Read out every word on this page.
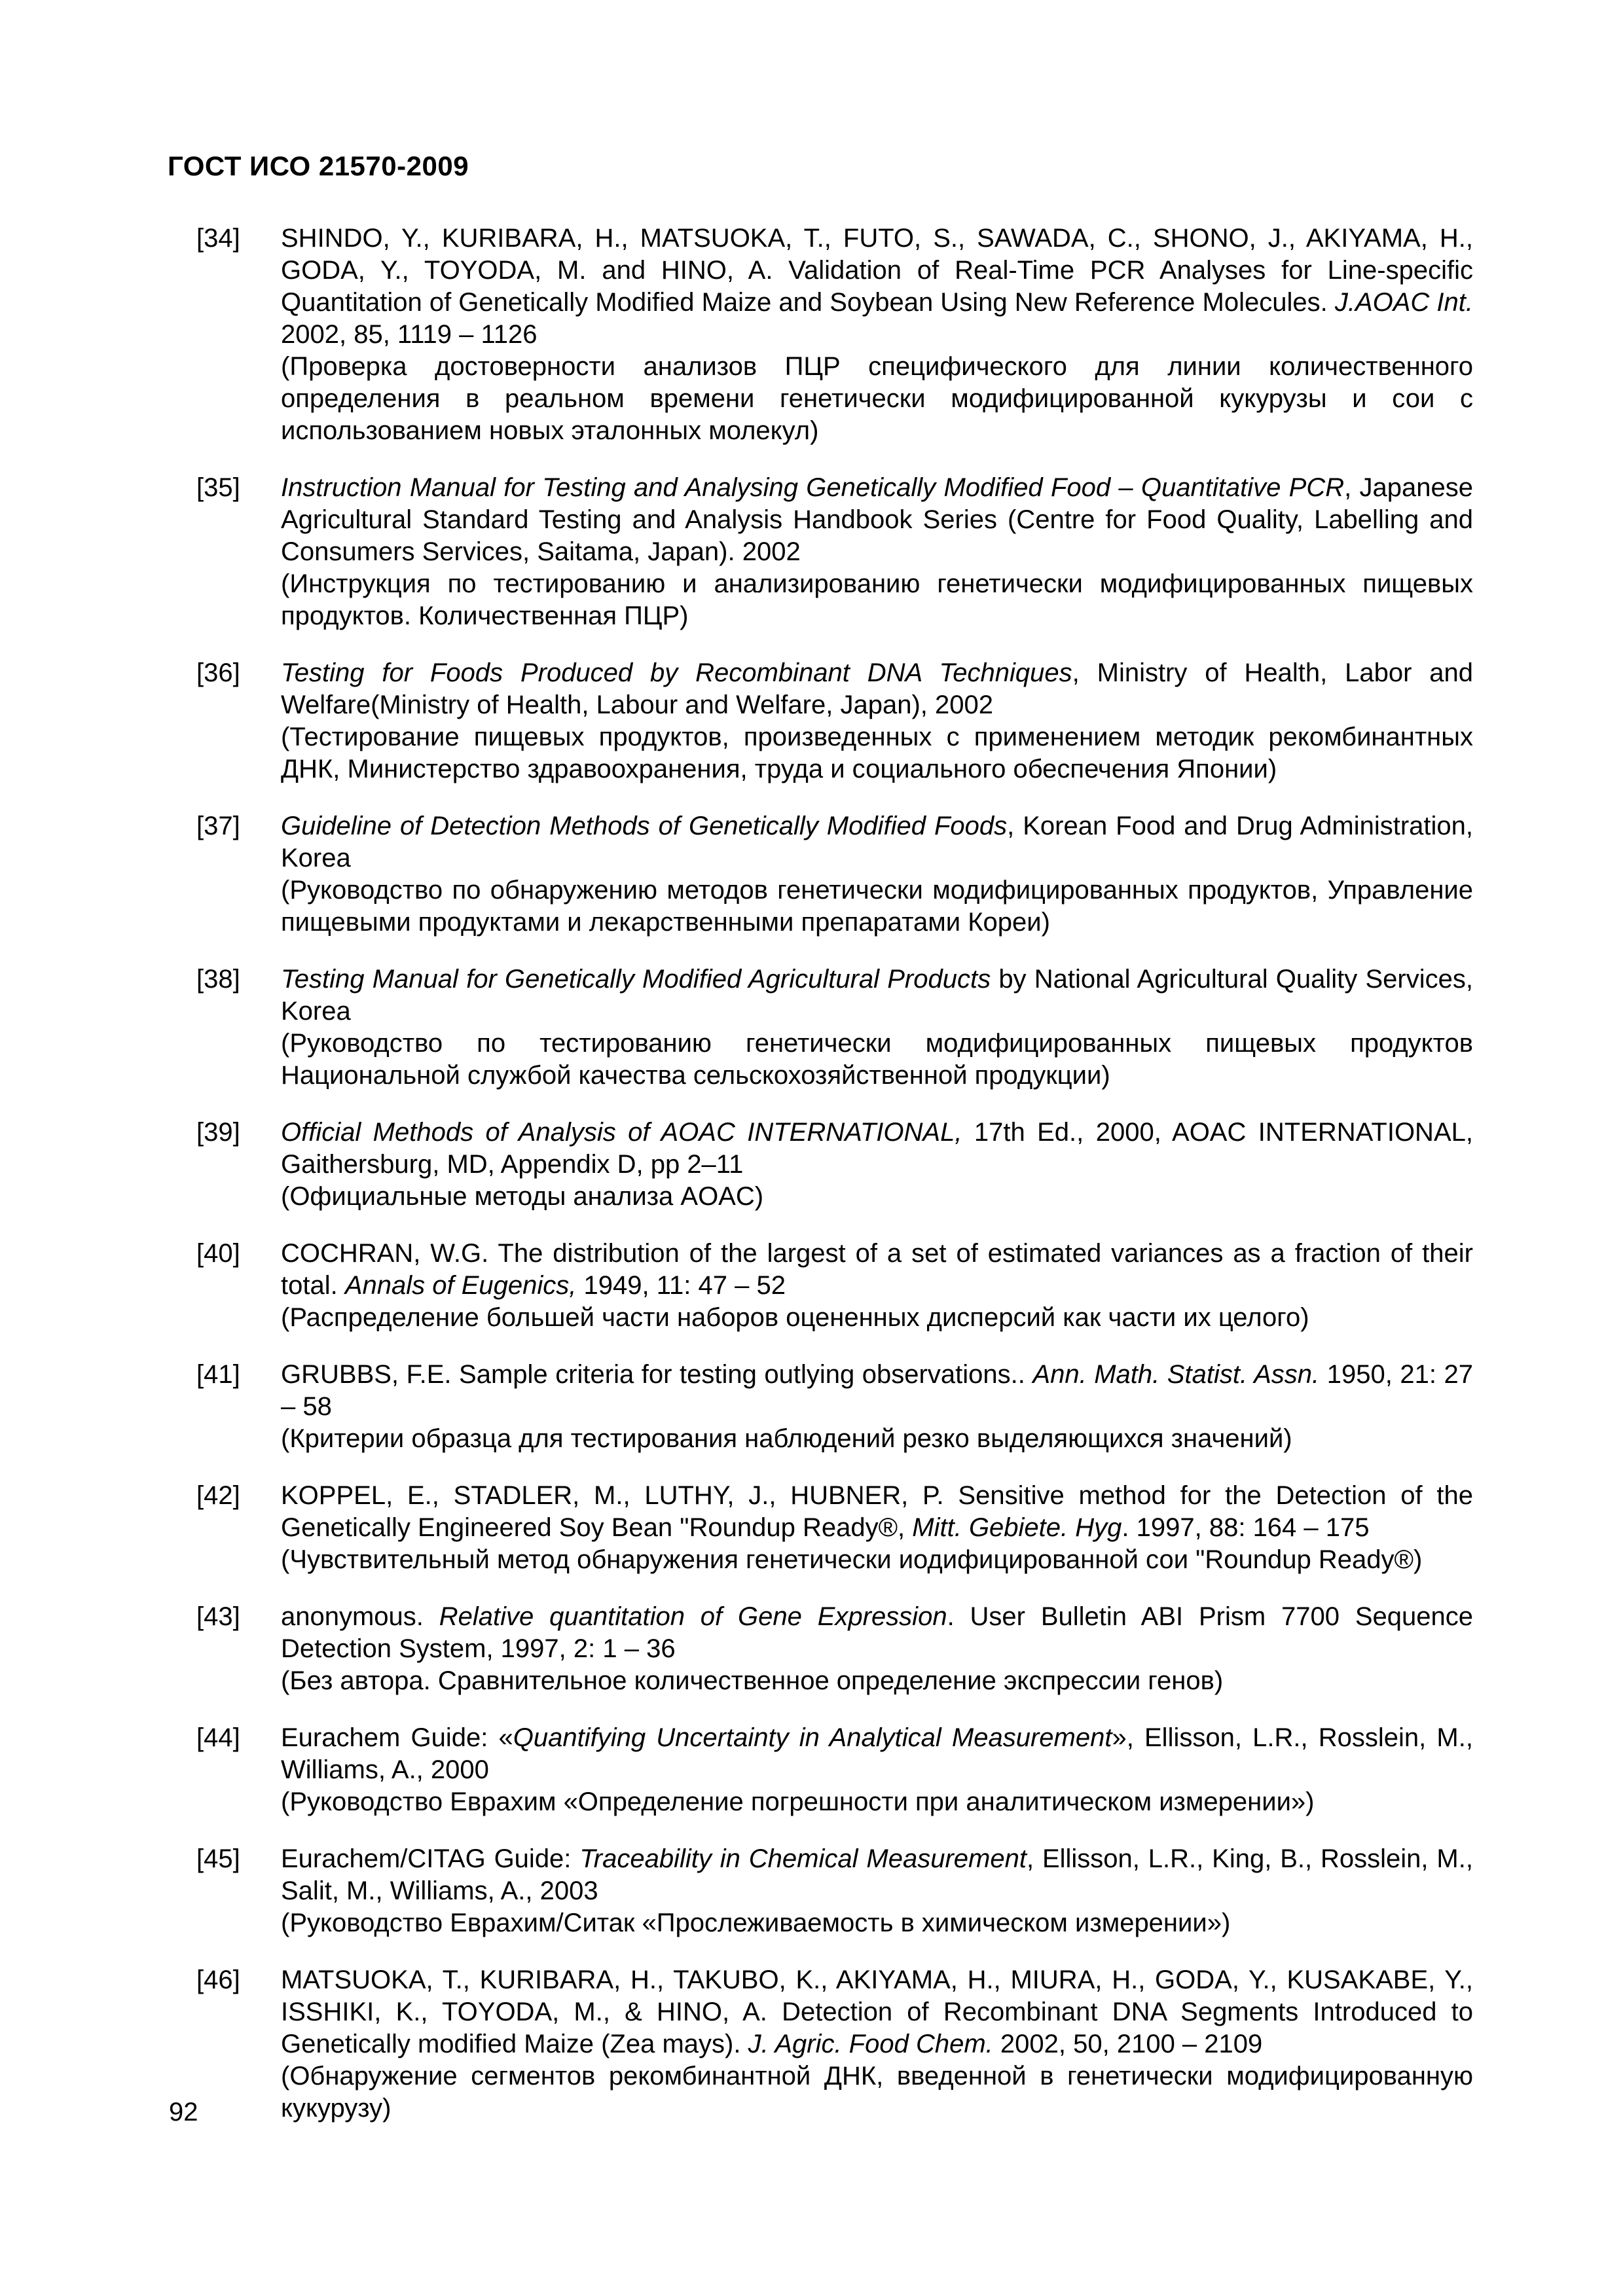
ГОСТ ИСО 21570-2009
[34]	SHINDO, Y., KURIBARA, H., MATSUOKA, T., FUTO, S., SAWADA, C., SHONO, J., AKIYAMA, H., GODA, Y., TOYODA, M. and HINO, A. Validation of Real-Time PCR Analyses for Line-specific Quantitation of Genetically Modified Maize and Soybean Using New Reference Molecules. J.AOAC Int. 2002, 85, 1119 – 1126

(Проверка достоверности анализов ПЦР специфического для линии количественного определения в реальном времени генетически модифицированной кукурузы и сои с использованием новых эталонных молекул)

[35]	Instruction Manual for Testing and Analysing Genetically Modified Food – Quantitative PCR, Japanese Agricultural Standard Testing and Analysis Handbook Series (Centre for Food Quality, Labelling and Consumers Services, Saitama, Japan). 2002

(Инструкция по тестированию и анализированию генетически модифицированных пищевых продуктов. Количественная ПЦР)

[36]	Testing for Foods Produced by Recombinant DNA Techniques, Ministry of Health, Labor and Welfare(Ministry of Health, Labour and Welfare, Japan), 2002

(Тестирование пищевых продуктов, произведенных с применением методик рекомбинантных ДНК, Министерство здравоохранения, труда и социального обеспечения Японии)

[37]	Guideline of Detection Methods of Genetically Modified Foods, Korean Food and Drug Administration, Korea

(Руководство по обнаружению методов генетически модифицированных продуктов, Управление пищевыми продуктами и лекарственными препаратами Кореи)

[38]	Testing Manual for Genetically Modified Agricultural Products by National Agricultural Quality Services, Korea

(Руководство по тестированию генетически модифицированных пищевых продуктов Национальной службой качества сельскохозяйственной продукции)

[39]	Official Methods of Analysis of AOAC INTERNATIONAL, 17th Ed., 2000, AOAC INTERNATIONAL, Gaithersburg, MD, Appendix D, pp 2–11

(Официальные методы анализа AOAC)

[40]	COCHRAN, W.G. The distribution of the largest of a set of estimated variances as a fraction of their total. Annals of Eugenics, 1949, 11: 47 – 52

(Распределение большей части наборов оцененных дисперсий как части их целого)

[41]	GRUBBS, F.E. Sample criteria for testing outlying observations.. Ann. Math. Statist. Assn. 1950, 21: 27 – 58

(Критерии образца для тестирования наблюдений резко выделяющихся значений)

[42]	KOPPEL, E., STADLER, M., LUTHY, J., HUBNER, P. Sensitive method for the Detection of the Genetically Engineered Soy Bean "Roundup Ready®, Mitt. Gebiete. Hyg. 1997, 88: 164 – 175

(Чувствительный метод обнаружения генетически иодифицированной сои "Roundup Ready®)

[43]	anonymous. Relative quantitation of Gene Expression. User Bulletin ABI Prism 7700 Sequence Detection System, 1997, 2: 1 – 36

(Без автора. Сравнительное количественное определение экспрессии генов)

[44]	Eurachem Guide: «Quantifying Uncertainty in Analytical Measurement», Ellisson, L.R., Rosslein, M., Williams, A., 2000

(Руководство Еврахим «Определение погрешности при аналитическом измерении»)

[45]	Eurachem/CITAG Guide: Traceability in Chemical Measurement, Ellisson, L.R., King, B., Rosslein, M., Salit, M., Williams, A., 2003

(Руководство Еврахим/Ситак «Прослеживаемость в химическом измерении»)

[46]	MATSUOKA, T., KURIBARA, H., TAKUBO, K., AKIYAMA, H., MIURA, H., GODA, Y., KUSAKABE, Y., ISSHIKI, K., TOYODA, M., & HINO, A. Detection of Recombinant DNA Segments Introduced to Genetically modified Maize (Zea mays). J. Agric. Food Chem. 2002, 50, 2100 – 2109

(Обнаружение сегментов рекомбинантной ДНК, введенной в генетически модифицированную кукурузу)

92
